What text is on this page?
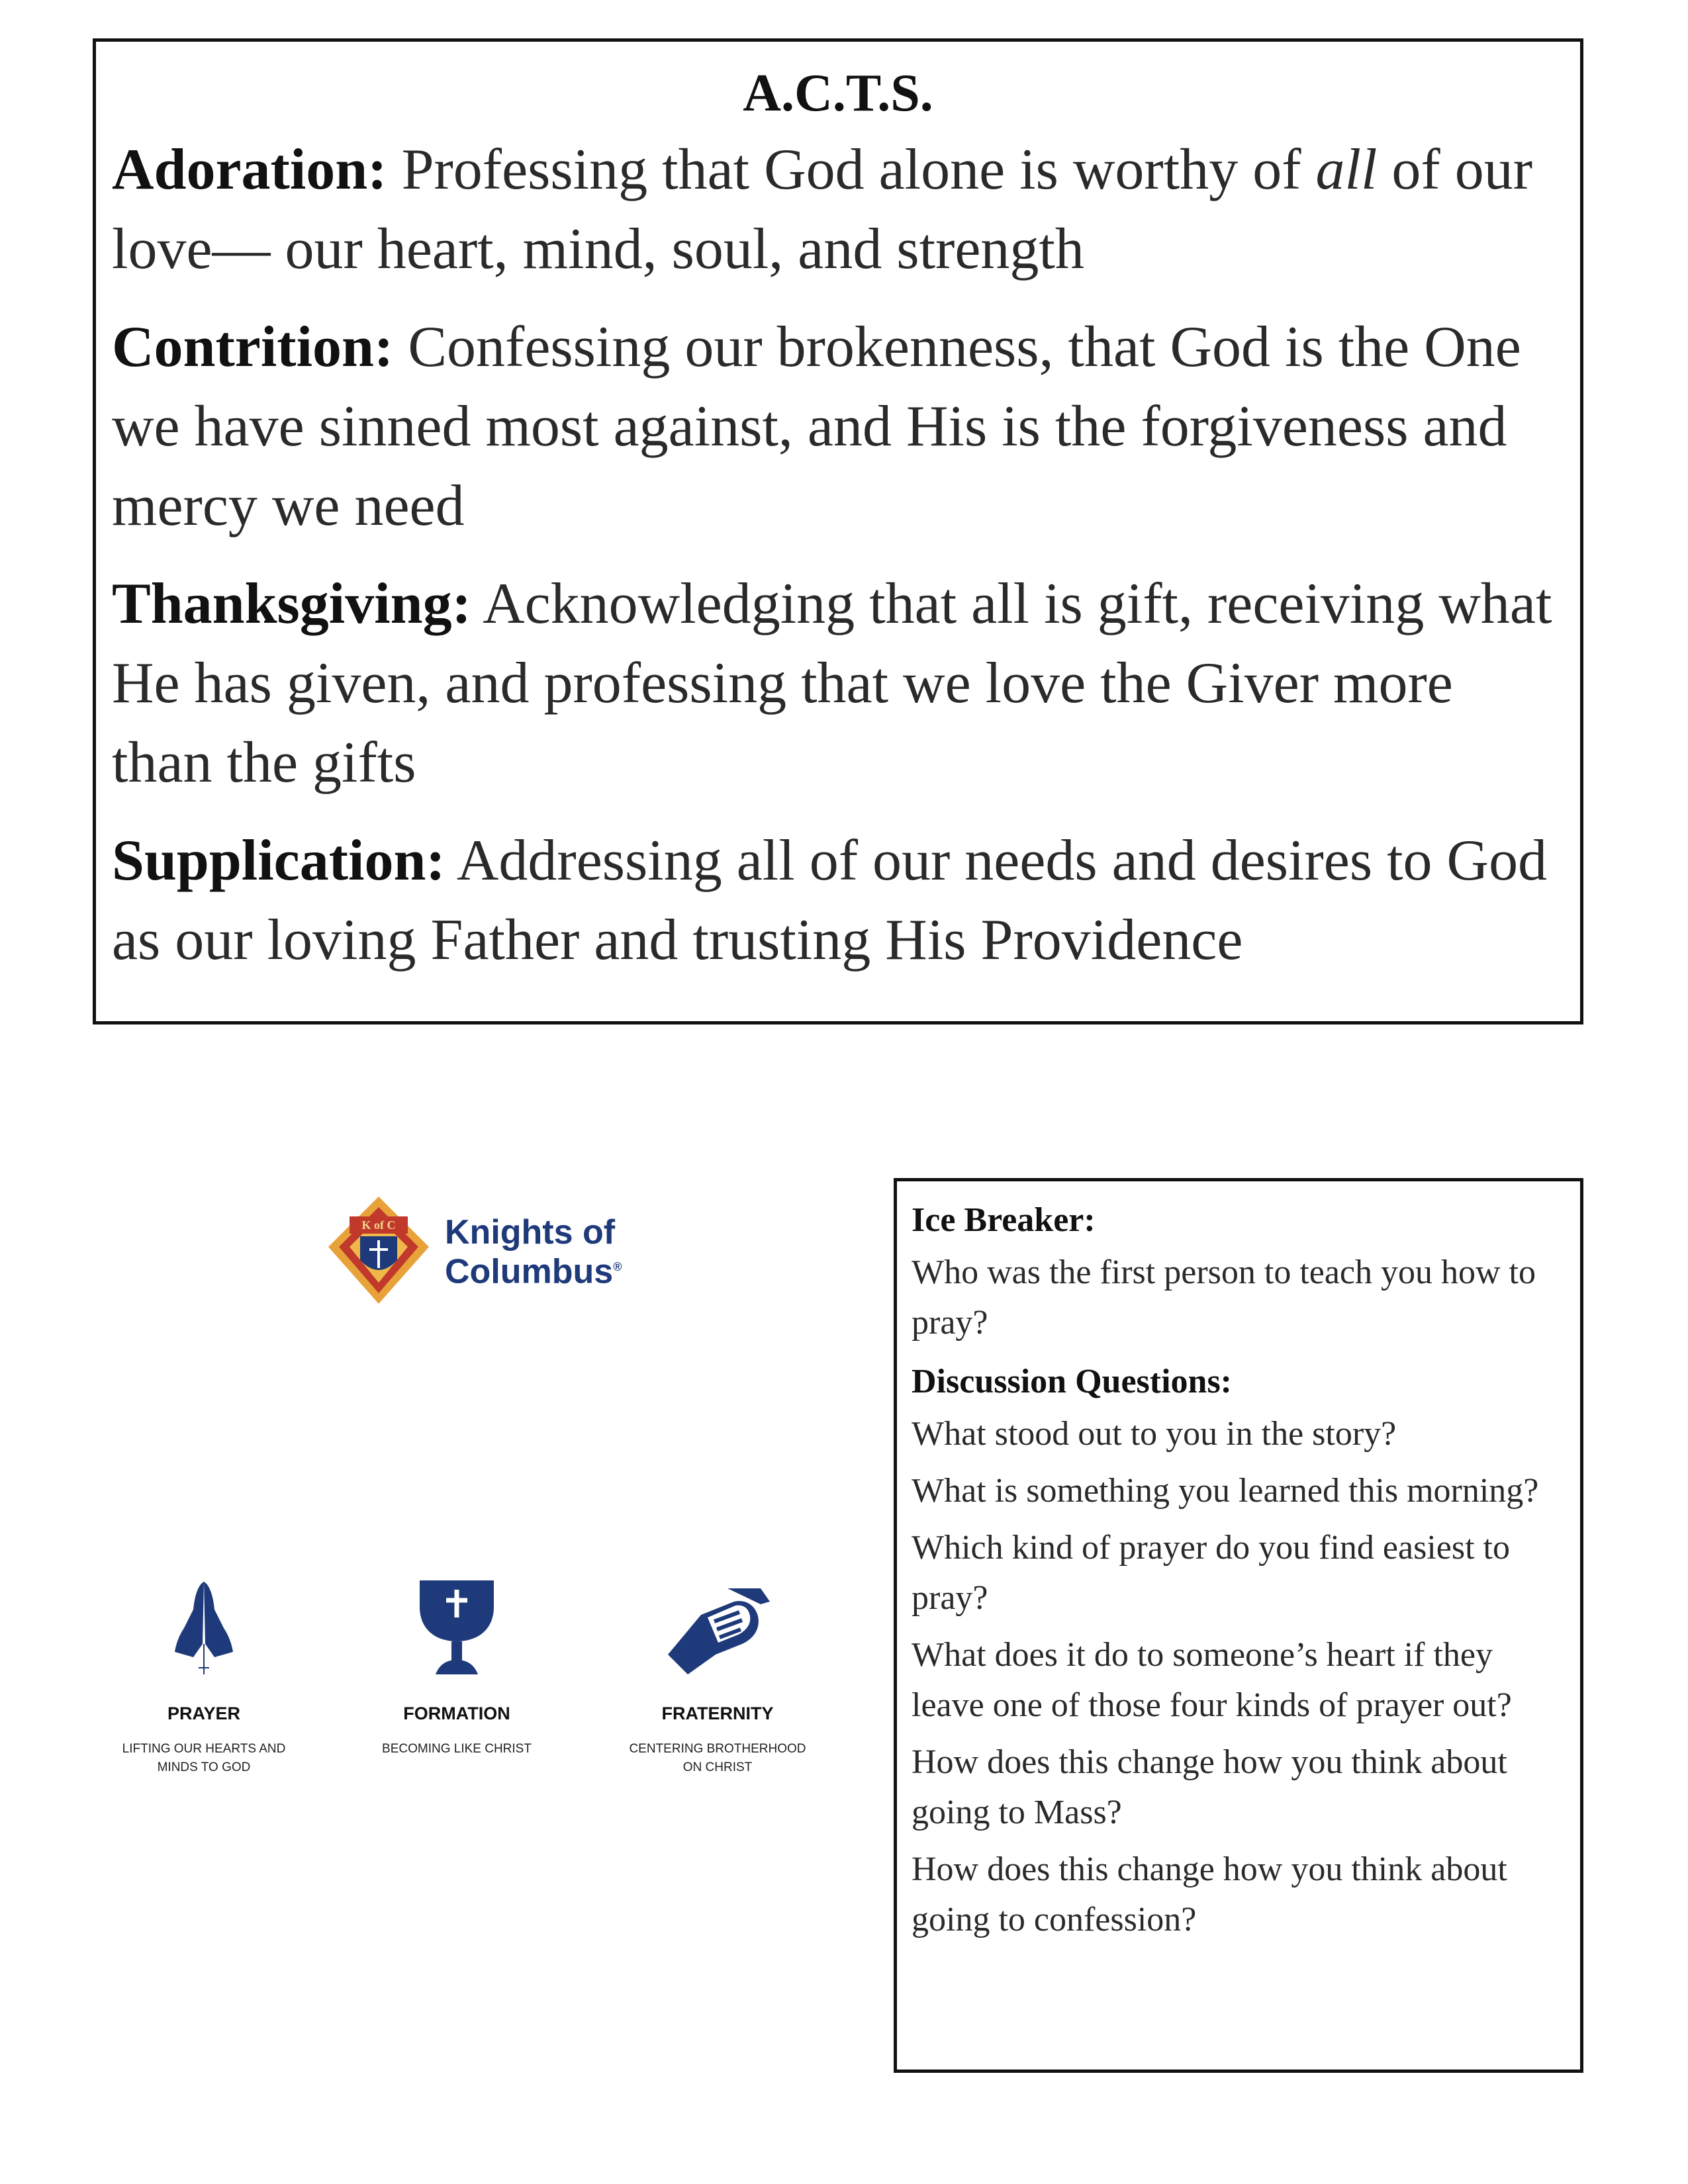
A.C.T.S.

Adoration: Professing that God alone is worthy of all of our love— our heart, mind, soul, and strength

Contrition: Confessing our brokenness, that God is the One we have sinned most against, and His is the forgiveness and mercy we need

Thanksgiving: Acknowledging that all is gift, receiving what He has given, and professing that we love the Giver more than the gifts

Supplication: Addressing all of our needs and desires to God as our loving Father and trusting His Providence

K of C Knights of
Columbus®
PRAYER
LIFTING OUR HEARTS AND MINDS TO GOD
FORMATION
BECOMING LIKE CHRIST
FRATERNITY
CENTERING BROTHERHOOD ON CHRIST

Ice Breaker:

Who was the first person to teach you how to pray?

Discussion Questions:

What stood out to you in the story?

What is something you learned this morning?

Which kind of prayer do you find easiest to pray?

What does it do to someone’s heart if they leave one of those four kinds of prayer out?

How does this change how you think about going to Mass?

How does this change how you think about going to confession?
